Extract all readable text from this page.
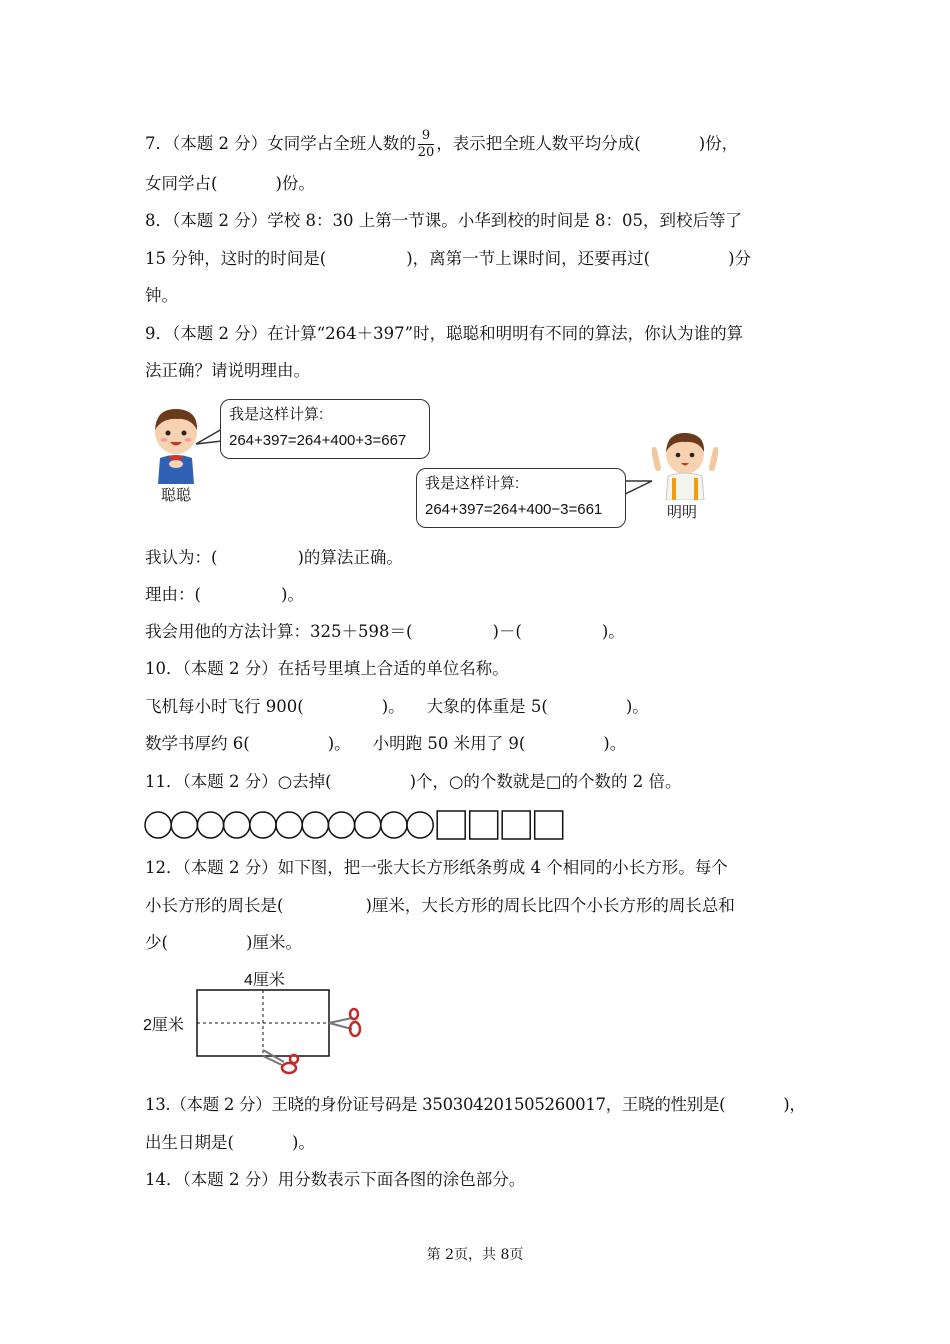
7．（本题 2 分）女同学占全班人数的 $\frac{9}{20}$ ，表示把全班人数平均分成(	)份，
女同学占(	)份。
8．（本题 2 分）学校 8：30 上第一节课。小华到校的时间是 8：05，到校后等了
15 分钟，这时的时间是(	)，离第一节上课时间，还要再过(	)分
钟。
9．（本题 2 分）在计算“264＋397”时，聪聪和明明有不同的算法，你认为谁的算
法正确？请说明理由。
聪聪
我是这样计算:
264+397=264+400+3=667
明明
我是这样计算:
264+397=264+400−3=661
我认为：(	)的算法正确。
理由：(	)。
我会用他的方法计算：325＋598＝(	)－(	)。
10．（本题 2 分）在括号里填上合适的单位名称。
飞机每小时飞行 900(	)。 大象的体重是 5(	)。
数学书厚约 6(	)。 小明跑 50 米用了 9(	)。
11．（本题 2 分）○去掉(	)个，○的个数就是□的个数的 2 倍。
12．（本题 2 分）如下图，把一张大长方形纸条剪成 4 个相同的小长方形。每个
小长方形的周长是(	)厘米，大长方形的周长比四个小长方形的周长总和
少(	)厘米。
4厘米
2厘米
13.（本题 2 分）王晓的身份证号码是 350304201505260017，王晓的性别是(	)，
出生日期是(	)。
14．（本题 2 分）用分数表示下面各图的涂色部分。
第 2页，共 8页
